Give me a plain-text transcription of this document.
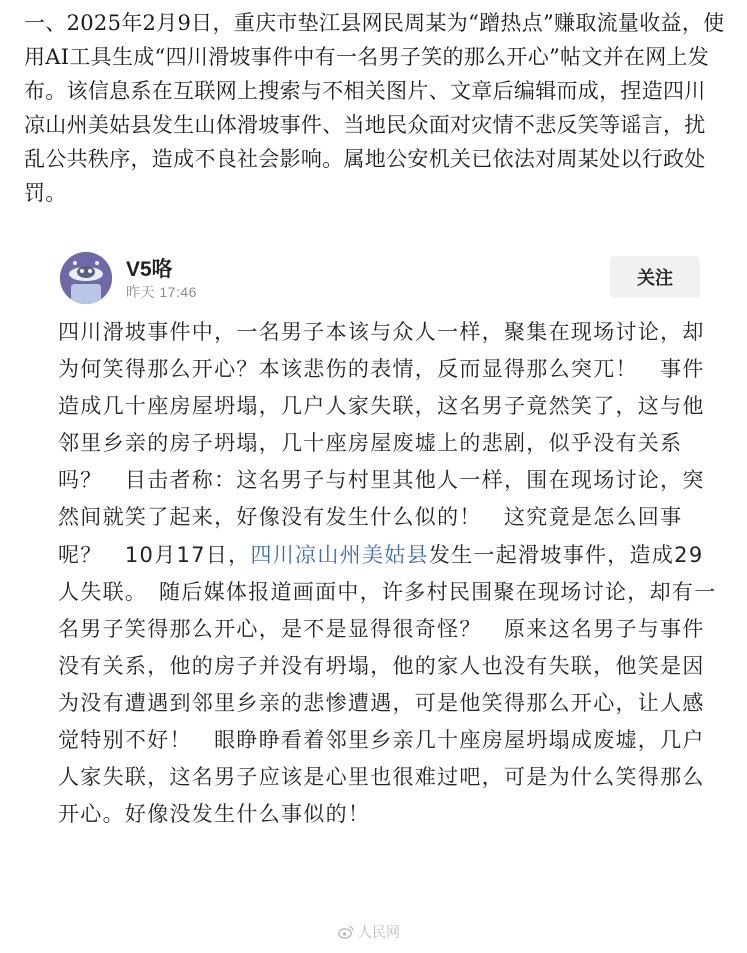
一、2025年2月9日，重庆市垫江县网民周某为“蹭热点”赚取流量收益，使用AI工具生成“四川滑坡事件中有一名男子笑的那么开心”帖文并在网上发布。该信息系在互联网上搜索与不相关图片、文章后编辑而成，捏造四川凉山州美姑县发生山体滑坡事件、当地民众面对灾情不悲反笑等谣言，扰乱公共秩序，造成不良社会影响。属地公安机关已依法对周某处以行政处罚。

V5咯
昨天 17:46
关注

四川滑坡事件中，一名男子本该与众人一样，聚集在现场讨论，却为何笑得那么开心？本该悲伤的表情，反而显得那么突兀！　事件造成几十座房屋坍塌，几户人家失联，这名男子竟然笑了，这与他邻里乡亲的房子坍塌，几十座房屋废墟上的悲剧，似乎没有关系吗？　目击者称：这名男子与村里其他人一样，围在现场讨论，突然间就笑了起来，好像没有发生什么似的！　这究竟是怎么回事呢？　10月17日，四川凉山州美姑县发生一起滑坡事件，造成29人失联。　随后媒体报道画面中，许多村民围聚在现场讨论，却有一名男子笑得那么开心，是不是显得很奇怪？　原来这名男子与事件没有关系，他的房子并没有坍塌，他的家人也没有失联，他笑是因为没有遭遇到邻里乡亲的悲惨遭遇，可是他笑得那么开心，让人感觉特别不好！　眼睁睁看着邻里乡亲几十座房屋坍塌成废墟，几户人家失联，这名男子应该是心里也很难过吧，可是为什么笑得那么开心。好像没发生什么事似的！

人民网
